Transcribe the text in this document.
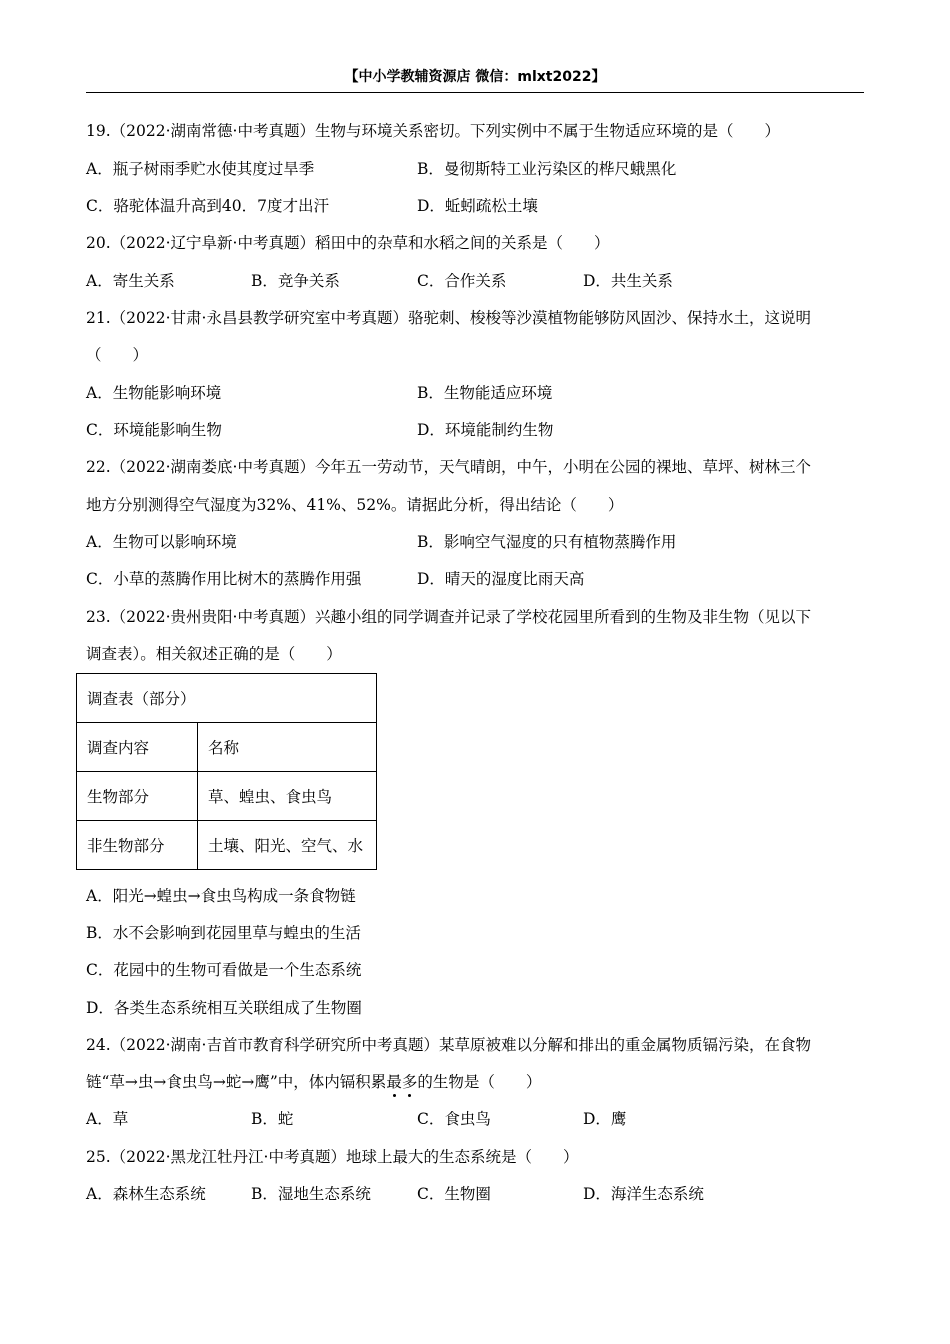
【中小学教辅资源店 微信：mlxt2022】
19.（2022·湖南常德·中考真题）生物与环境关系密切。下列实例中不属于生物适应环境的是（　　）
A．瓶子树雨季贮水使其度过旱季	B．曼彻斯特工业污染区的桦尺蛾黑化
C．骆驼体温升高到40．7度才出汗	D．蚯蚓疏松土壤
20.（2022·辽宁阜新·中考真题）稻田中的杂草和水稻之间的关系是（　　）
A．寄生关系	B．竞争关系	C．合作关系	D．共生关系
21.（2022·甘肃·永昌县教学研究室中考真题）骆驼刺、梭梭等沙漠植物能够防风固沙、保持水土，这说明
（　　）
A．生物能影响环境	B．生物能适应环境
C．环境能影响生物	D．环境能制约生物
22.（2022·湖南娄底·中考真题）今年五一劳动节，天气晴朗，中午，小明在公园的裸地、草坪、树林三个
地方分别测得空气湿度为32%、41%、52%。请据此分析，得出结论（　　）
A．生物可以影响环境	B．影响空气湿度的只有植物蒸腾作用
C．小草的蒸腾作用比树木的蒸腾作用强	D．晴天的湿度比雨天高
23.（2022·贵州贵阳·中考真题）兴趣小组的同学调查并记录了学校花园里所看到的生物及非生物（见以下
调查表）。相关叙述正确的是（　　）
调查表（部分）	
调查内容	名称
生物部分	草、蝗虫、食虫鸟
非生物部分	土壤、阳光、空气、水
A．阳光→蝗虫→食虫鸟构成一条食物链
B．水不会影响到花园里草与蝗虫的生活
C．花园中的生物可看做是一个生态系统
D．各类生态系统相互关联组成了生物圈
24.（2022·湖南·吉首市教育科学研究所中考真题）某草原被难以分解和排出的重金属物质镉污染，在食物
链“草→虫→食虫鸟→蛇→鹰”中，体内镉积累最多的生物是（　　）
A．草	B．蛇	C．食虫鸟	D．鹰
25.（2022·黑龙江牡丹江·中考真题）地球上最大的生态系统是（　　）
A．森林生态系统	B．湿地生态系统	C．生物圈	D．海洋生态系统
